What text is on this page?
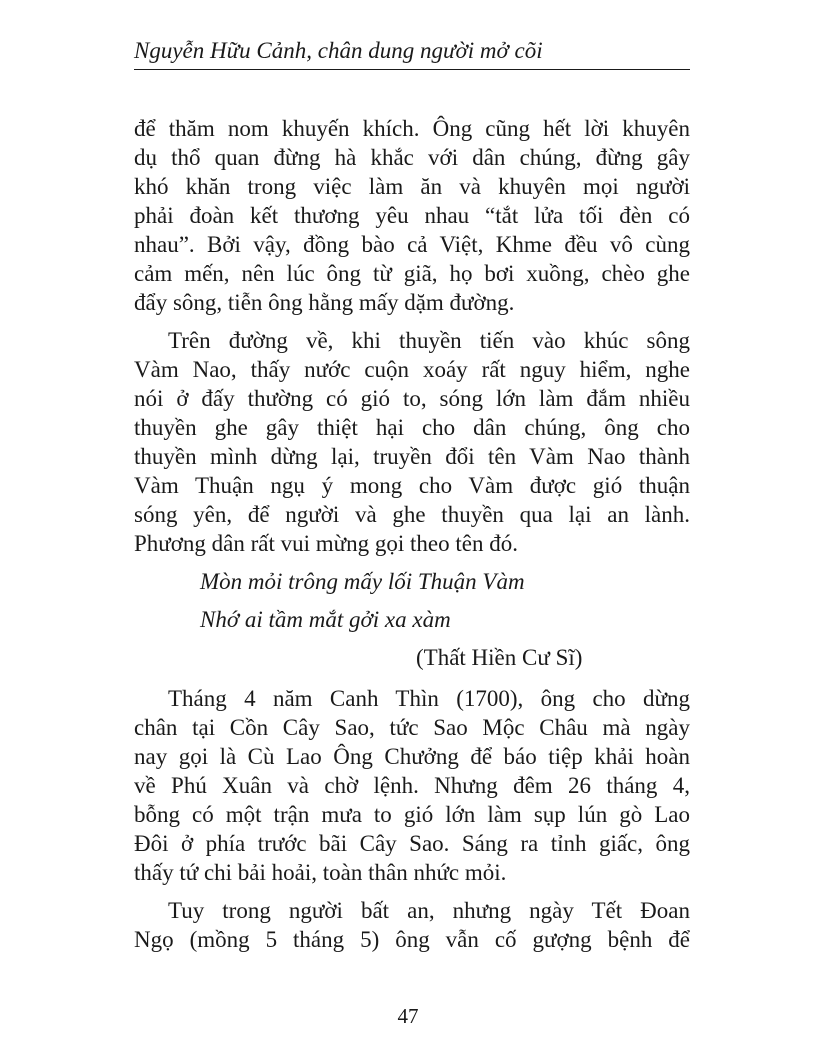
Nguyễn Hữu Cảnh, chân dung người mở cõi

để thăm nom khuyến khích. Ông cũng hết lời khuyên
dụ thổ quan đừng hà khắc với dân chúng, đừng gây
khó khăn trong việc làm ăn và khuyên mọi người
phải đoàn kết thương yêu nhau “tắt lửa tối đèn có
nhau”. Bởi vậy, đồng bào cả Việt, Khme đều vô cùng
cảm mến, nên lúc ông từ giã, họ bơi xuồng, chèo ghe
đẩy sông, tiễn ông hằng mấy dặm đường.

Trên đường về, khi thuyền tiến vào khúc sông
Vàm Nao, thấy nước cuộn xoáy rất nguy hiểm, nghe
nói ở đấy thường có gió to, sóng lớn làm đắm nhiều
thuyền ghe gây thiệt hại cho dân chúng, ông cho
thuyền mình dừng lại, truyền đổi tên Vàm Nao thành
Vàm Thuận ngụ ý mong cho Vàm được gió thuận
sóng yên, để người và ghe thuyền qua lại an lành.
Phương dân rất vui mừng gọi theo tên đó.

Mòn mỏi trông mấy lối Thuận Vàm
Nhớ ai tầm mắt gởi xa xàm
(Thất Hiền Cư Sĩ)

Tháng 4 năm Canh Thìn (1700), ông cho dừng
chân tại Cồn Cây Sao, tức Sao Mộc Châu mà ngày
nay gọi là Cù Lao Ông Chưởng để báo tiệp khải hoàn
về Phú Xuân và chờ lệnh. Nhưng đêm 26 tháng 4,
bỗng có một trận mưa to gió lớn làm sụp lún gò Lao
Đôi ở phía trước bãi Cây Sao. Sáng ra tỉnh giấc, ông
thấy tứ chi bải hoải, toàn thân nhức mỏi.

Tuy trong người bất an, nhưng ngày Tết Đoan
Ngọ (mồng 5 tháng 5) ông vẫn cố gượng bệnh để

47
